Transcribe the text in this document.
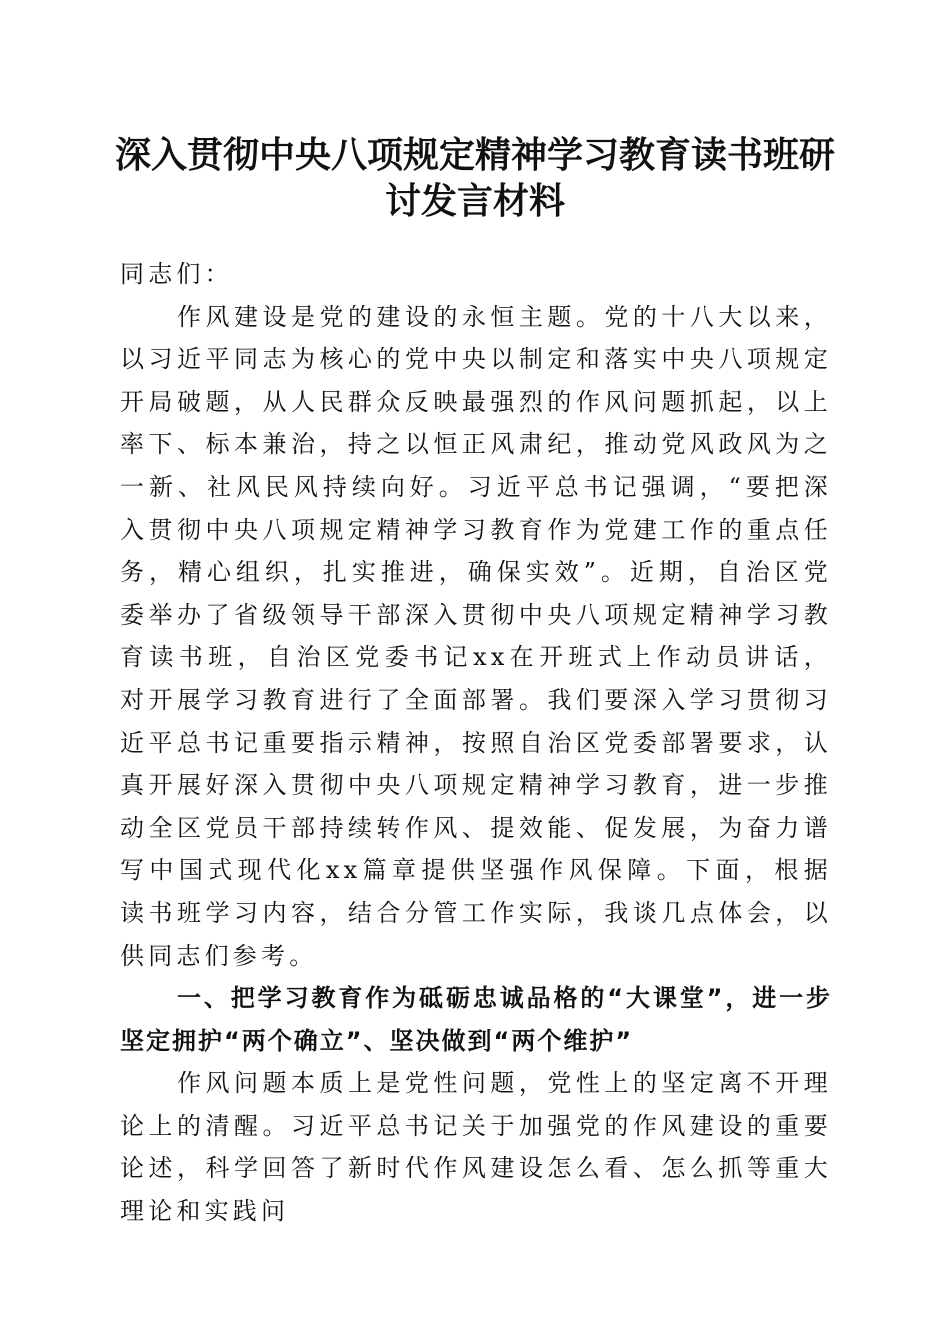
深入贯彻中央八项规定精神学习教育读书班研
讨发言材料

同志们：

作风建设是党的建设的永恒主题。党的十八大以来，以习近平同志为核心的党中央以制定和落实中央八项规定开局破题，从人民群众反映最强烈的作风问题抓起，以上率下、标本兼治，持之以恒正风肃纪，推动党风政风为之一新、社风民风持续向好。习近平总书记强调，“要把深入贯彻中央八项规定精神学习教育作为党建工作的重点任务，精心组织，扎实推进，确保实效”。近期，自治区党委举办了省级领导干部深入贯彻中央八项规定精神学习教育读书班，自治区党委书记xx在开班式上作动员讲话，对开展学习教育进行了全面部署。我们要深入学习贯彻习近平总书记重要指示精神，按照自治区党委部署要求，认真开展好深入贯彻中央八项规定精神学习教育，进一步推动全区党员干部持续转作风、提效能、促发展，为奋力谱写中国式现代化xx篇章提供坚强作风保障。下面，根据读书班学习内容，结合分管工作实际，我谈几点体会，以供同志们参考。

一、把学习教育作为砥砺忠诚品格的“大课堂”，进一步坚定拥护“两个确立”、坚决做到“两个维护”

作风问题本质上是党性问题，党性上的坚定离不开理论上的清醒。习近平总书记关于加强党的作风建设的重要论述，科学回答了新时代作风建设怎么看、怎么抓等重大理论和实践问
